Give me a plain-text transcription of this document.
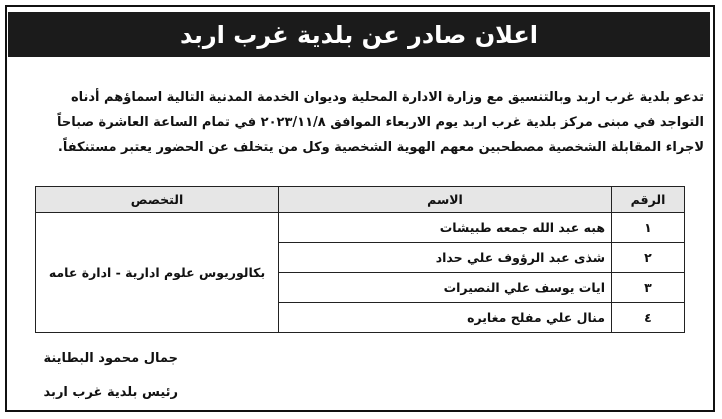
اعلان صادر عن بلدية غرب اربد

تدعو بلدية غرب اربد وبالتنسيق مع وزارة الادارة المحلية وديوان الخدمة المدنية التالية اسماؤهم أدناه

التواجد في مبنى مركز بلدية غرب اربد يوم الاربعاء الموافق ٢٠٢٣/١١/٨ في تمام الساعة العاشرة صباحاً

لاجراء المقابلة الشخصية مصطحبين معهم الهوية الشخصية وكل من يتخلف عن الحضور يعتبر مستنكفاً.

الرقم	الاسم	التخصص
١	هبه عبد الله جمعه طبيشات	بكالوريوس علوم ادارية - ادارة عامه
٢	شذى عبد الرؤوف علي حداد	
٣	ايات يوسف علي النصيرات	
٤	منال علي مفلح مغايره	
جمال محمود البطاينة
رئيس بلدية غرب اربد
